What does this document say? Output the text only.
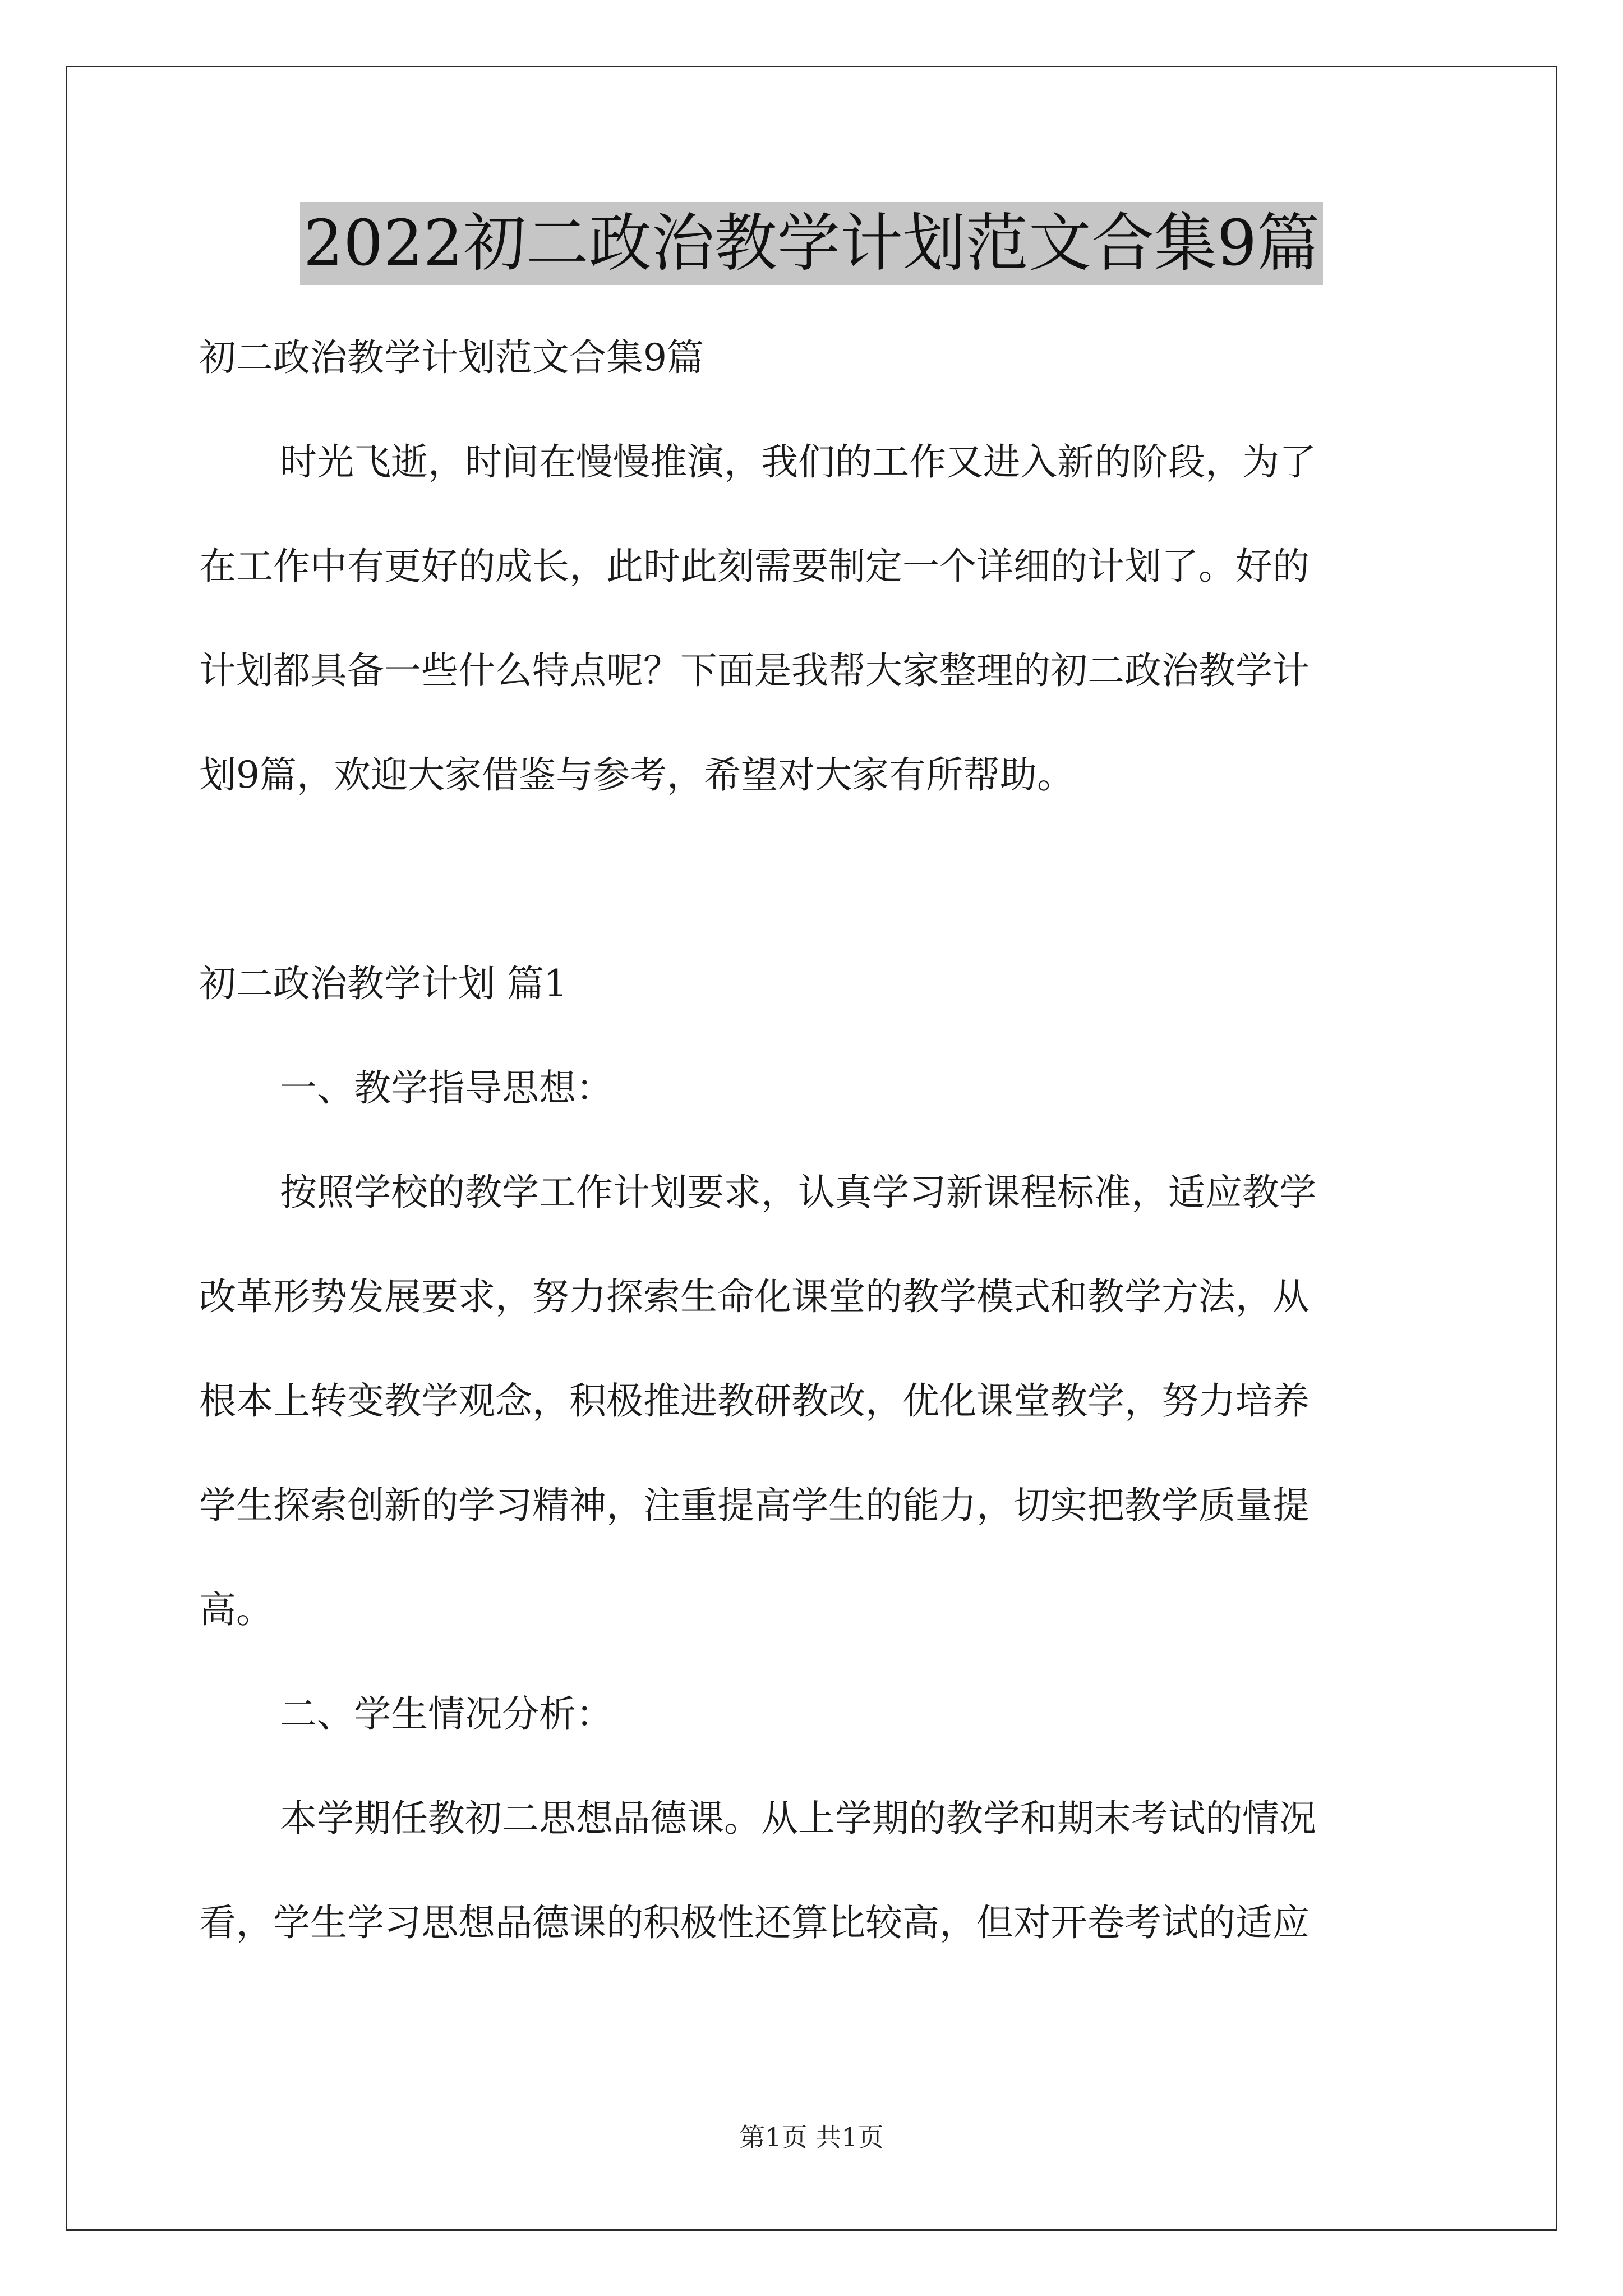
2022初二政治教学计划范文合集9篇
初二政治教学计划范文合集9篇
时光飞逝，时间在慢慢推演，我们的工作又进入新的阶段，为了
在工作中有更好的成长，此时此刻需要制定一个详细的计划了。好的
计划都具备一些什么特点呢？下面是我帮大家整理的初二政治教学计
划9篇，欢迎大家借鉴与参考，希望对大家有所帮助。
初二政治教学计划 篇1
一、教学指导思想：
按照学校的教学工作计划要求，认真学习新课程标准，适应教学
改革形势发展要求，努力探索生命化课堂的教学模式和教学方法，从
根本上转变教学观念，积极推进教研教改，优化课堂教学，努力培养
学生探索创新的学习精神，注重提高学生的能力，切实把教学质量提
高。
二、学生情况分析：
本学期任教初二思想品德课。从上学期的教学和期末考试的情况
看，学生学习思想品德课的积极性还算比较高，但对开卷考试的适应
第1页 共1页
